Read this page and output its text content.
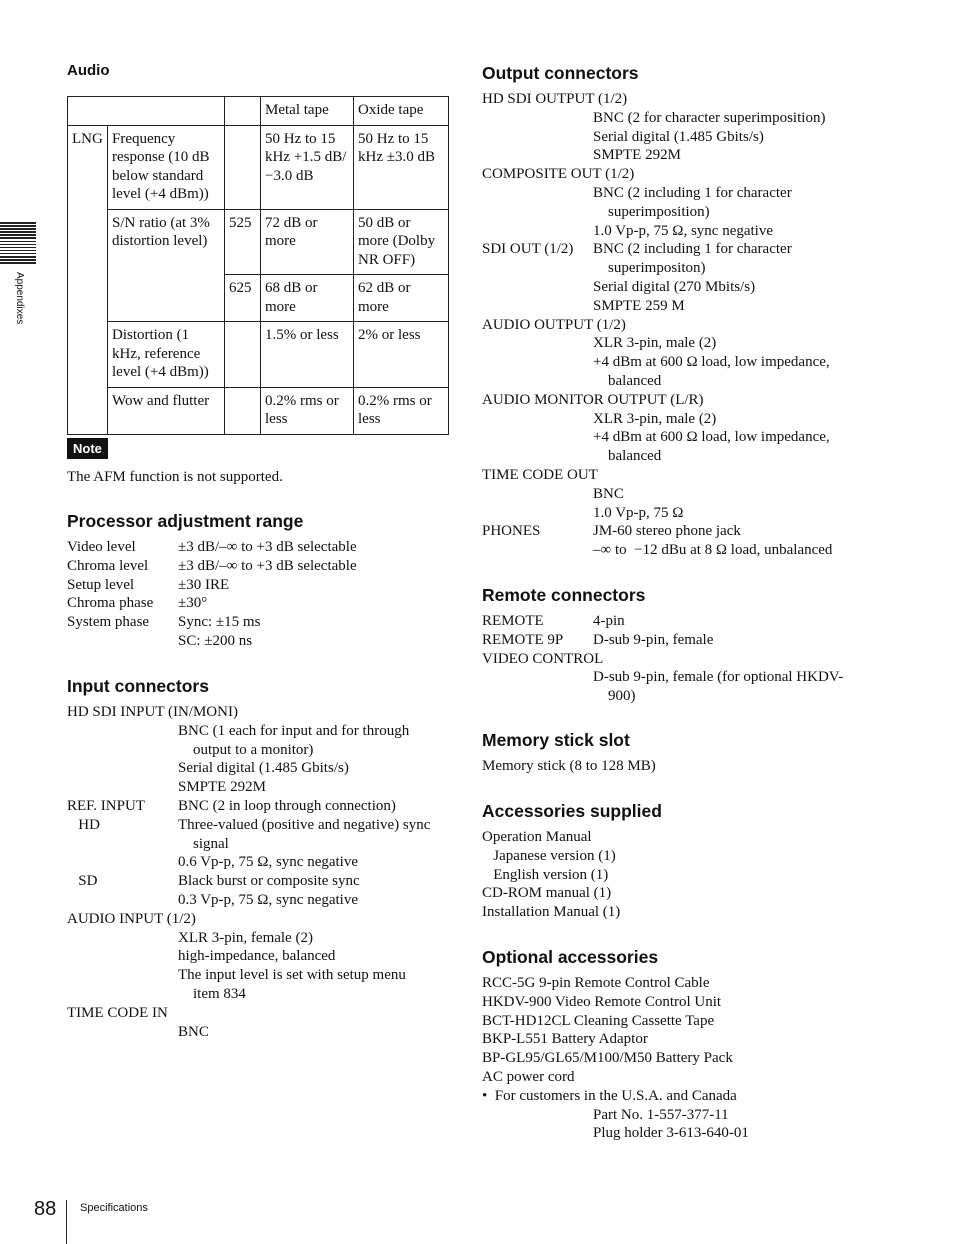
Appendixes
Audio
			Metal tape	Oxide tape
LNG	Frequency response (10 dB below standard level (+4 dBm))		50 Hz to 15 kHz +1.5 dB/ −3.0 dB	50 Hz to 15 kHz ±3.0 dB
	S/N ratio (at 3% distortion level)	525	72 dB or more	50 dB or more (Dolby NR OFF)
		625	68 dB or more	62 dB or more
	Distortion (1 kHz, reference level (+4 dBm))		1.5% or less	2% or less
	Wow and flutter		0.2% rms or less	0.2% rms or less
Note
The AFM function is not supported.
Processor adjustment range
Video level	±3 dB/–∞ to +3 dB selectable
Chroma level ±3 dB/–∞ to +3 dB selectable
Setup level	±30 IRE
Chroma phase ±30°
System phase Sync: ±15 ms
SC: ±200 ns
Input connectors
HD SDI INPUT (IN/MONI)
BNC (1 each for input and for through
output to a monitor)
Serial digital (1.485 Gbits/s)
SMPTE 292M
REF. INPUT BNC (2 in loop through connection)
HD	Three-valued (positive and negative) sync
signal
0.6 Vp-p, 75 Ω, sync negative
SD	Black burst or composite sync
0.3 Vp-p, 75 Ω, sync negative
AUDIO INPUT (1/2)
XLR 3-pin, female (2)
high-impedance, balanced
The input level is set with setup menu
item 834
TIME CODE IN
BNC
Output connectors
HD SDI OUTPUT (1/2)
BNC (2 for character superimposition)
Serial digital (1.485 Gbits/s)
SMPTE 292M
COMPOSITE OUT (1/2)
BNC (2 including 1 for character
superimposition)
1.0 Vp-p, 75 Ω, sync negative
SDI OUT (1/2) BNC (2 including 1 for character
superimpositon)
Serial digital (270 Mbits/s)
SMPTE 259 M
AUDIO OUTPUT (1/2)
XLR 3-pin, male (2)
+4 dBm at 600 Ω load, low impedance,
balanced
AUDIO MONITOR OUTPUT (L/R)
XLR 3-pin, male (2)
+4 dBm at 600 Ω load, low impedance,
balanced
TIME CODE OUT
BNC
1.0 Vp-p, 75 Ω
PHONES	JM-60 stereo phone jack
–∞ to  −12 dBu at 8 Ω load, unbalanced
Remote connectors
REMOTE	4-pin
REMOTE 9P D-sub 9-pin, female
VIDEO CONTROL
D-sub 9-pin, female (for optional HKDV-
900)
Memory stick slot
Memory stick (8 to 128 MB)
Accessories supplied
Operation Manual
Japanese version (1)
English version (1)
CD-ROM manual (1)
Installation Manual (1)
Optional accessories
RCC-5G 9-pin Remote Control Cable
HKDV-900 Video Remote Control Unit
BCT-HD12CL Cleaning Cassette Tape
BKP-L551 Battery Adaptor
BP-GL95/GL65/M100/M50 Battery Pack
AC power cord
•  For customers in the U.S.A. and Canada
Part No. 1-557-377-11
Plug holder 3-613-640-01
88 Specifications
